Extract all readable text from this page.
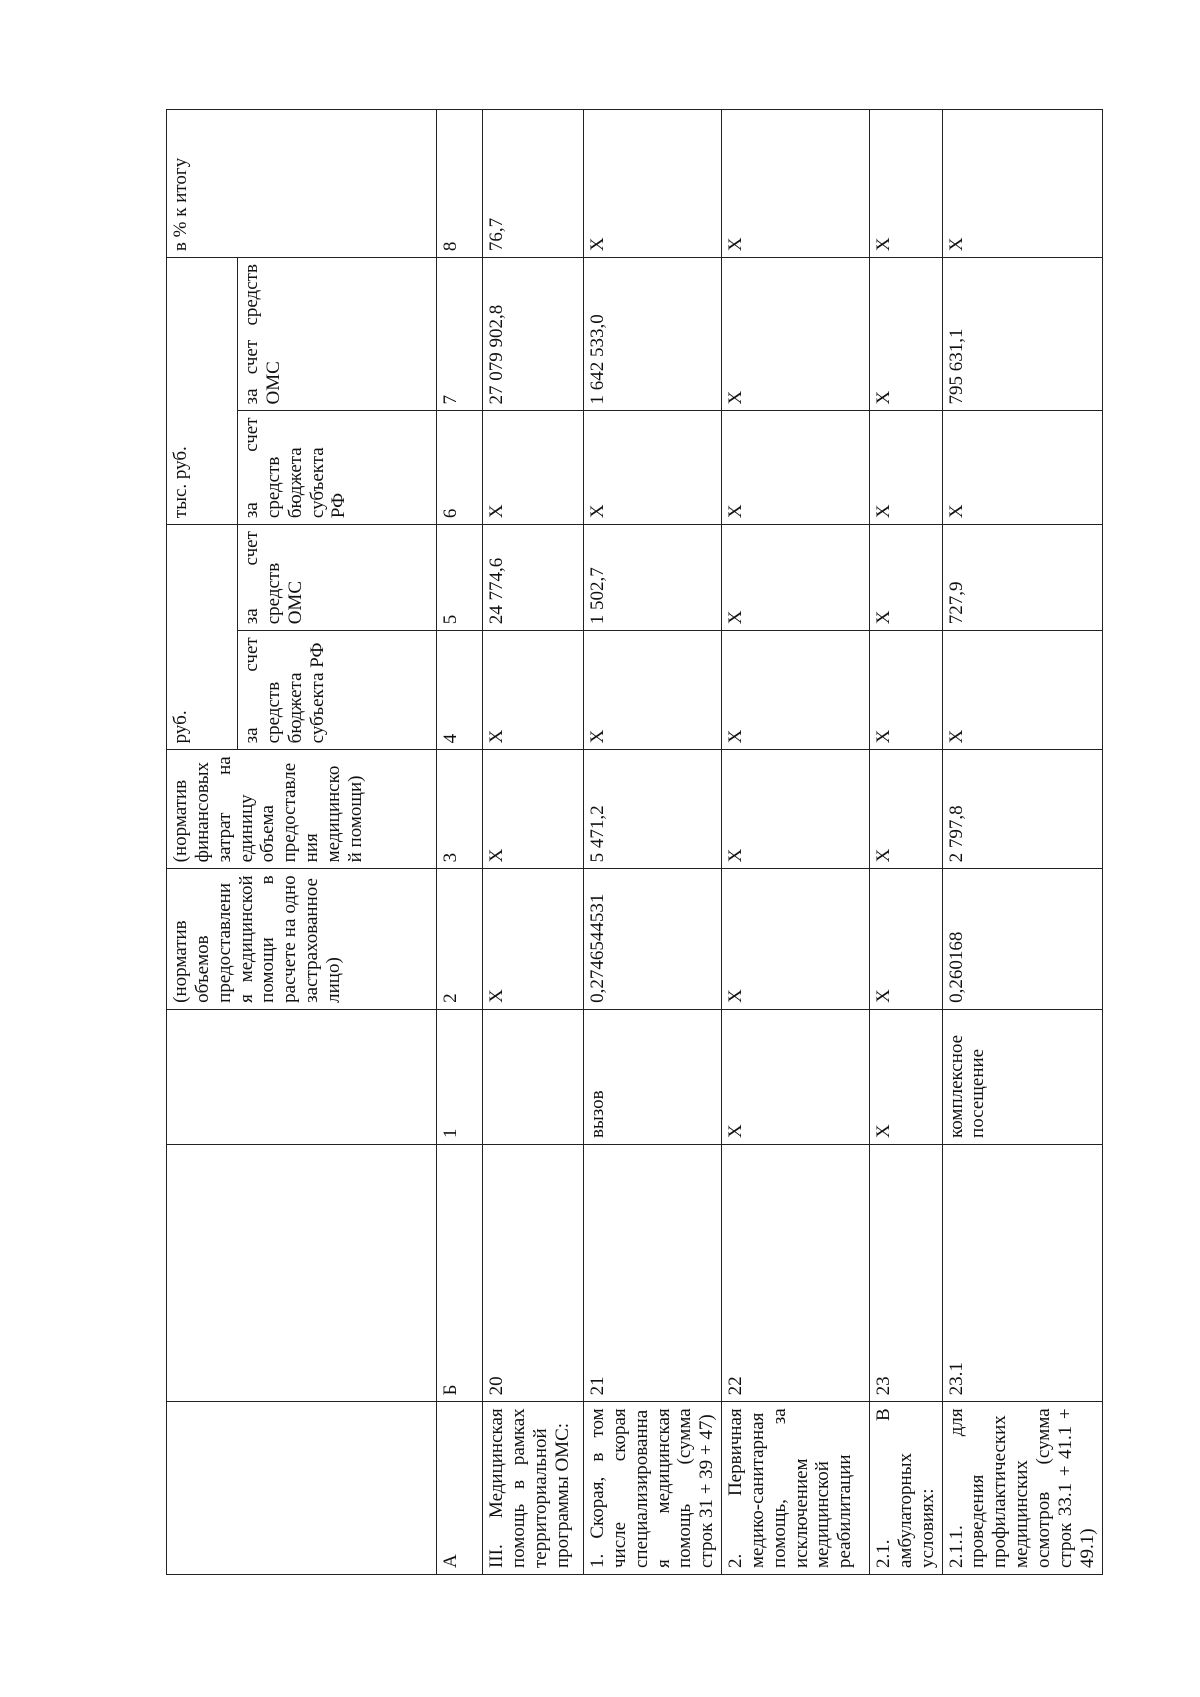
			(норматив объемов предоставления медицинской помощи в расчете на одно застрахованное лицо)	(норматив финансовых затрат на единицу объема предоставления медицинской помощи)	руб.		тыс. руб.		в % к итогу
					за счет средств бюджета субъекта РФ	за счет средств ОМС	за счет средств бюджета субъекта РФ	за счет средств ОМС	
А	Б	1	2	3	4	5	6	7	8
III. Медицинская помощь в рамках территориальной программы ОМС:	20		Х	Х	Х	24 774,6	Х	27 079 902,8	76,7
1. Скорая, в том числе скорая специализированная медицинская помощь (сумма строк 31 + 39 + 47)	21	вызов	0,2746544531	5 471,2	Х	1 502,7	Х	1 642 533,0	Х
2. Первичная медико-санитарная помощь, за исключением медицинской реабилитации	22	Х	Х	Х	Х	Х	Х	Х	Х
2.1. В амбулаторных условиях:	23	Х	Х	Х	Х	Х	Х	Х	Х
2.1.1. для проведения профилактических медицинских осмотров (сумма строк 33.1 + 41.1 + 49.1)	23.1	комплексное посещение	0,260168	2 797,8	Х	727,9	Х	795 631,1	Х
